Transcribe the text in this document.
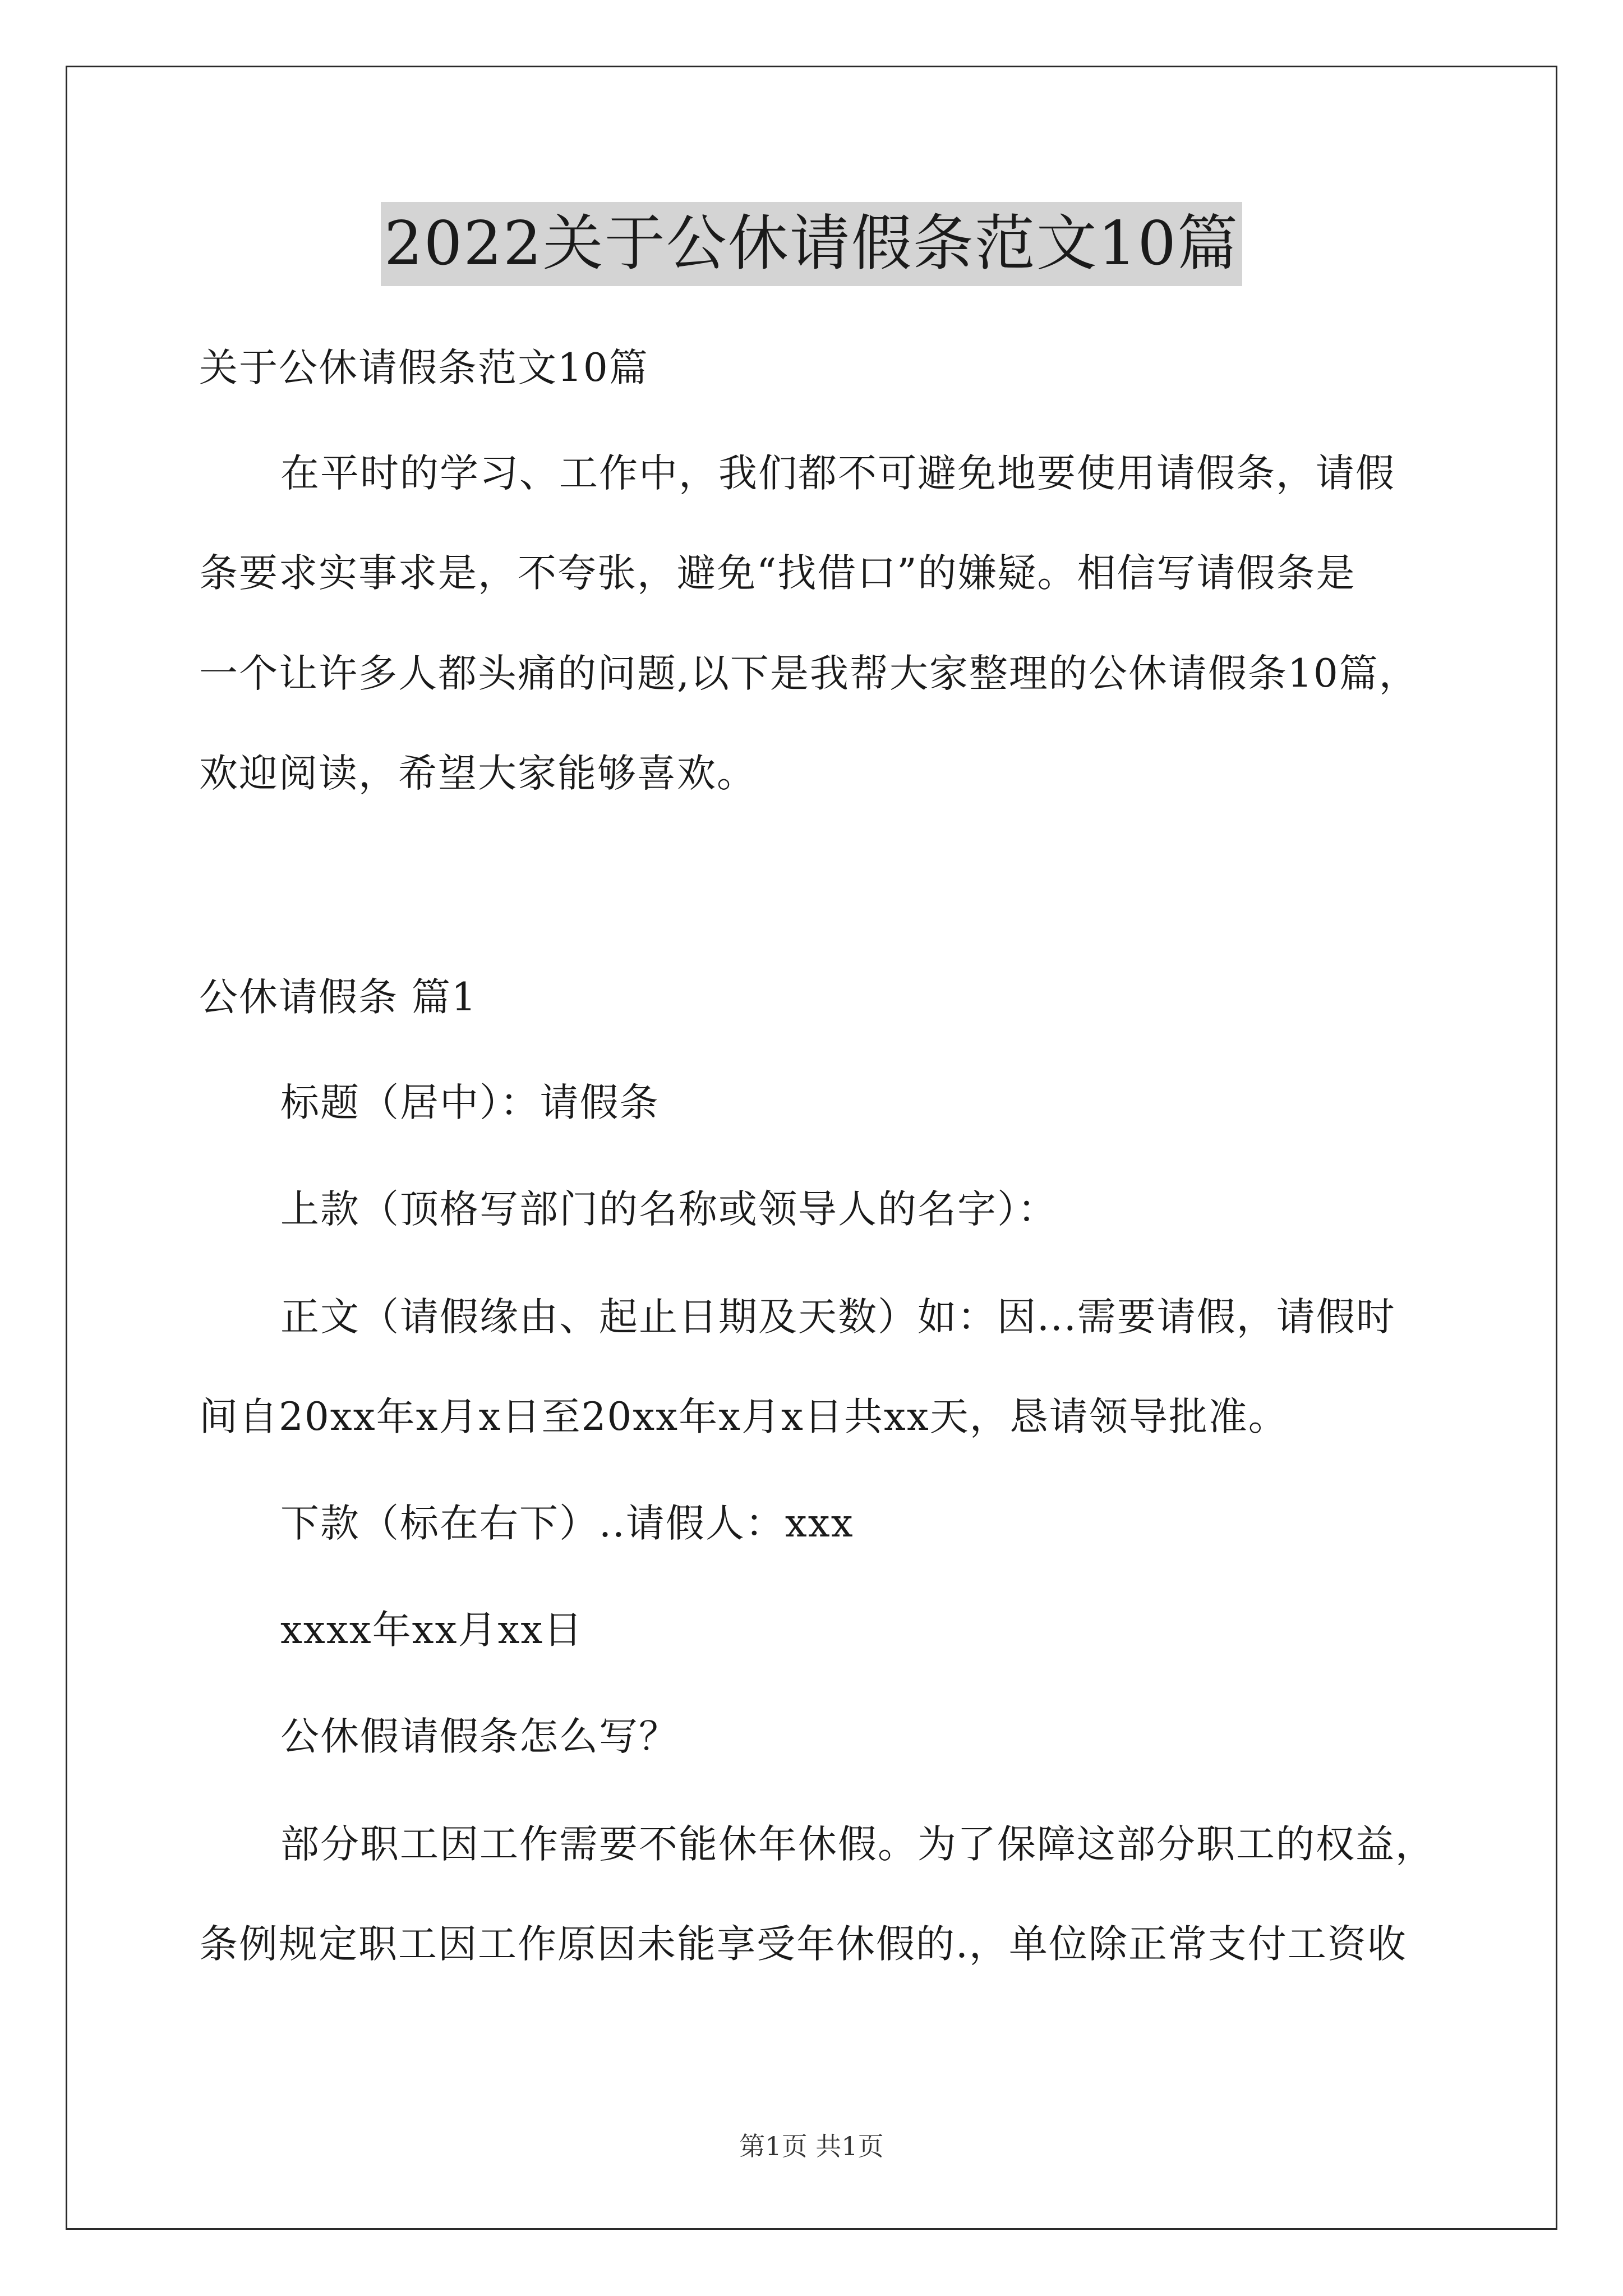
2022关于公休请假条范文10篇
关于公休请假条范文10篇
在平时的学习、工作中，我们都不可避免地要使用请假条，请假
条要求实事求是，不夸张，避免“找借口”的嫌疑。相信写请假条是
一个让许多人都头痛的问题,以下是我帮大家整理的公休请假条10篇，
欢迎阅读，希望大家能够喜欢。
公休请假条 篇1
标题（居中）：请假条
上款（顶格写部门的名称或领导人的名字）：
正文（请假缘由、起止日期及天数）如：因...需要请假，请假时
间自20xx年x月x日至20xx年x月x日共xx天，恳请领导批准。
下款（标在右下）..请假人：xxx
xxxx年xx月xx日
公休假请假条怎么写？
部分职工因工作需要不能休年休假。为了保障这部分职工的权益，
条例规定职工因工作原因未能享受年休假的.，单位除正常支付工资收
第1页 共1页
